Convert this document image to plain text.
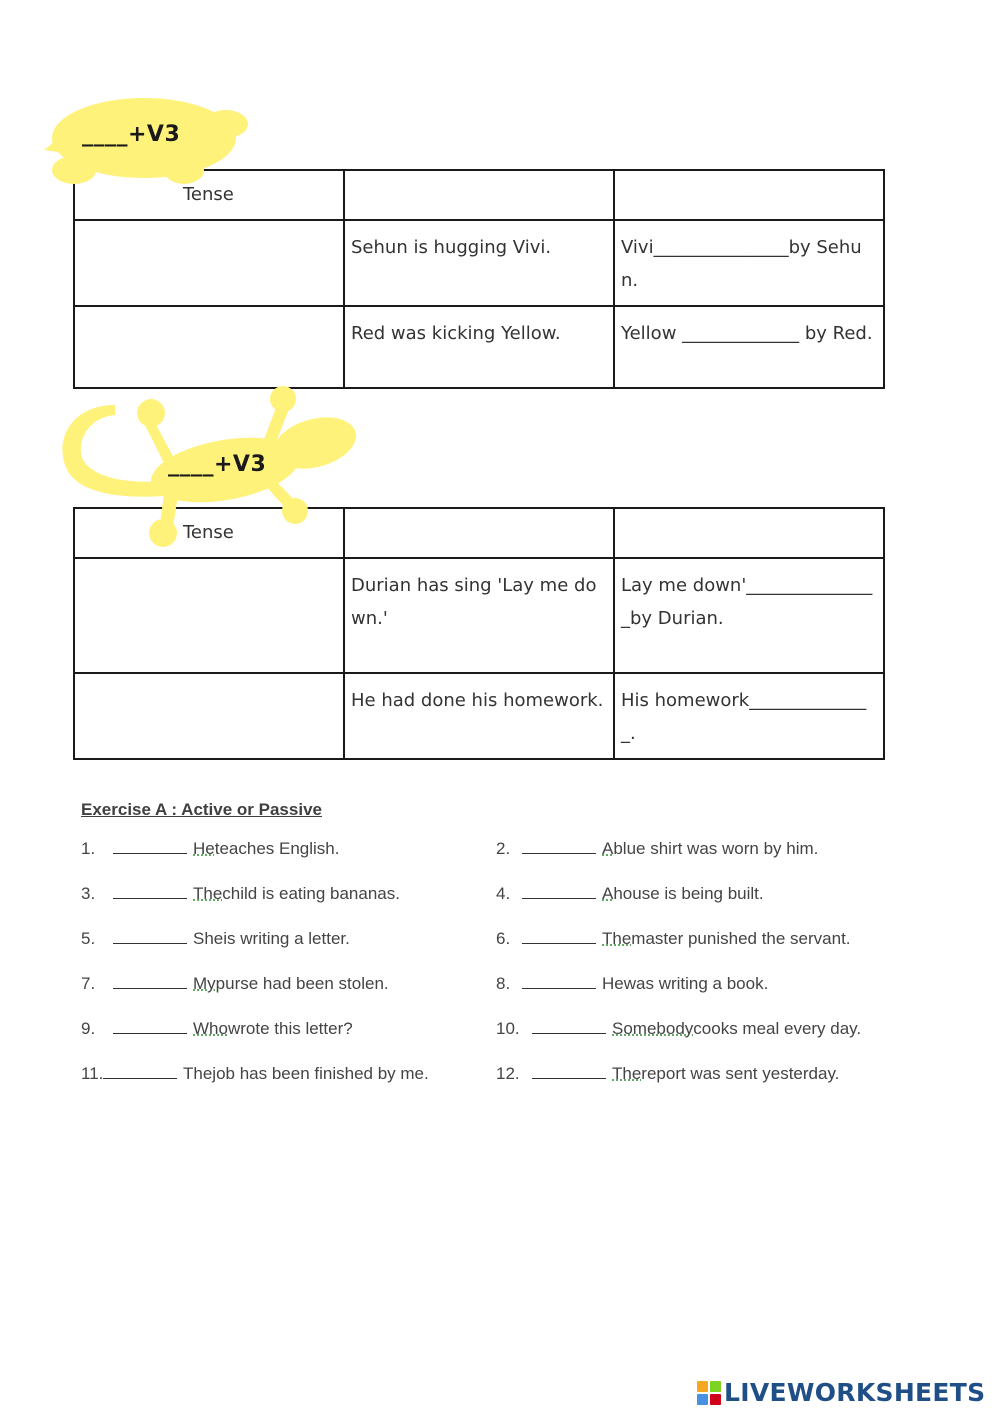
____+V3
Tense		
	Sehun is hugging Vivi.	Vivi_______________by Sehun.
	Red was kicking Yellow.	Yellow _____________ by Red.
____+V3
Tense		
	Durian has sing 'Lay me down.'	Lay me down'_______________by Durian.
	He had done his homework.	His homework______________.
Exercise A : Active or Passive
1.	He teaches English.	2.	A blue shirt was worn by him.
3.	The child is eating bananas.	4.	A house is being built.
5.	She is writing a letter.	6.	The master punished the servant.
7.	My purse had been stolen.	8.	He was writing a book.
9.	Who wrote this letter?	10.	Somebody cooks meal every day.
11.	The job has been finished by me.	12.	The report was sent yesterday.
LIVEWORKSHEETS
